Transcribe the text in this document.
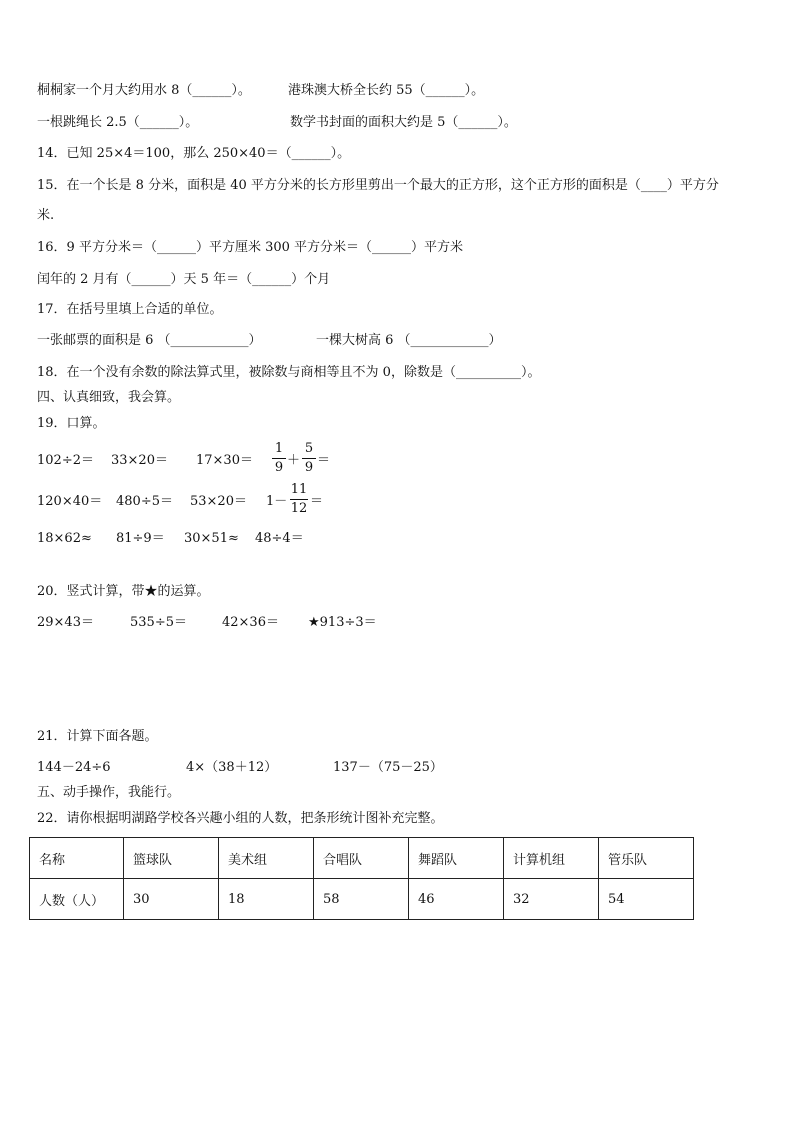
桐桐家一个月大约用水 8（______）。	港珠澳大桥全长约 55（______）。
一根跳绳长 2.5（______）。	数学书封面的面积大约是 5（______）。
14．已知 25×4＝100，那么 250×40＝（______）。
15．在一个长是 8 分米，面积是 40 平方分米的长方形里剪出一个最大的正方形，这个正方形的面积是（____）平方分
米.
16．9 平方分米＝（______）平方厘米 300 平方分米＝（______）平方米
闰年的 2 月有（______）天 5 年＝（______）个月
17．在括号里填上合适的单位。
一张邮票的面积是 6 （____________）	一棵大树高 6 （____________）
18．在一个没有余数的除法算式里，被除数与商相等且不为 0，除数是（__________）。
四、认真细致，我会算。
19．口算。
102÷2＝ 33×20＝ 17×30＝
1
9 ＋
5
9 ＝
120×40＝ 480÷5＝ 53×20＝ 1－
11
12 ＝
18×62≈ 81÷9＝ 30×51≈ 48÷4＝
20．竖式计算，带★的运算。
29×43＝	535÷5＝	42×36＝ ★913÷3＝
21．计算下面各题。
144－24÷6	4×（38＋12）	137－（75－25）
五、动手操作，我能行。
22．请你根据明湖路学校各兴趣小组的人数，把条形统计图补充完整。
名称	篮球队	美术组	合唱队	舞蹈队	计算机组	管乐队
人数（人）	30	18	58	46	32	54
